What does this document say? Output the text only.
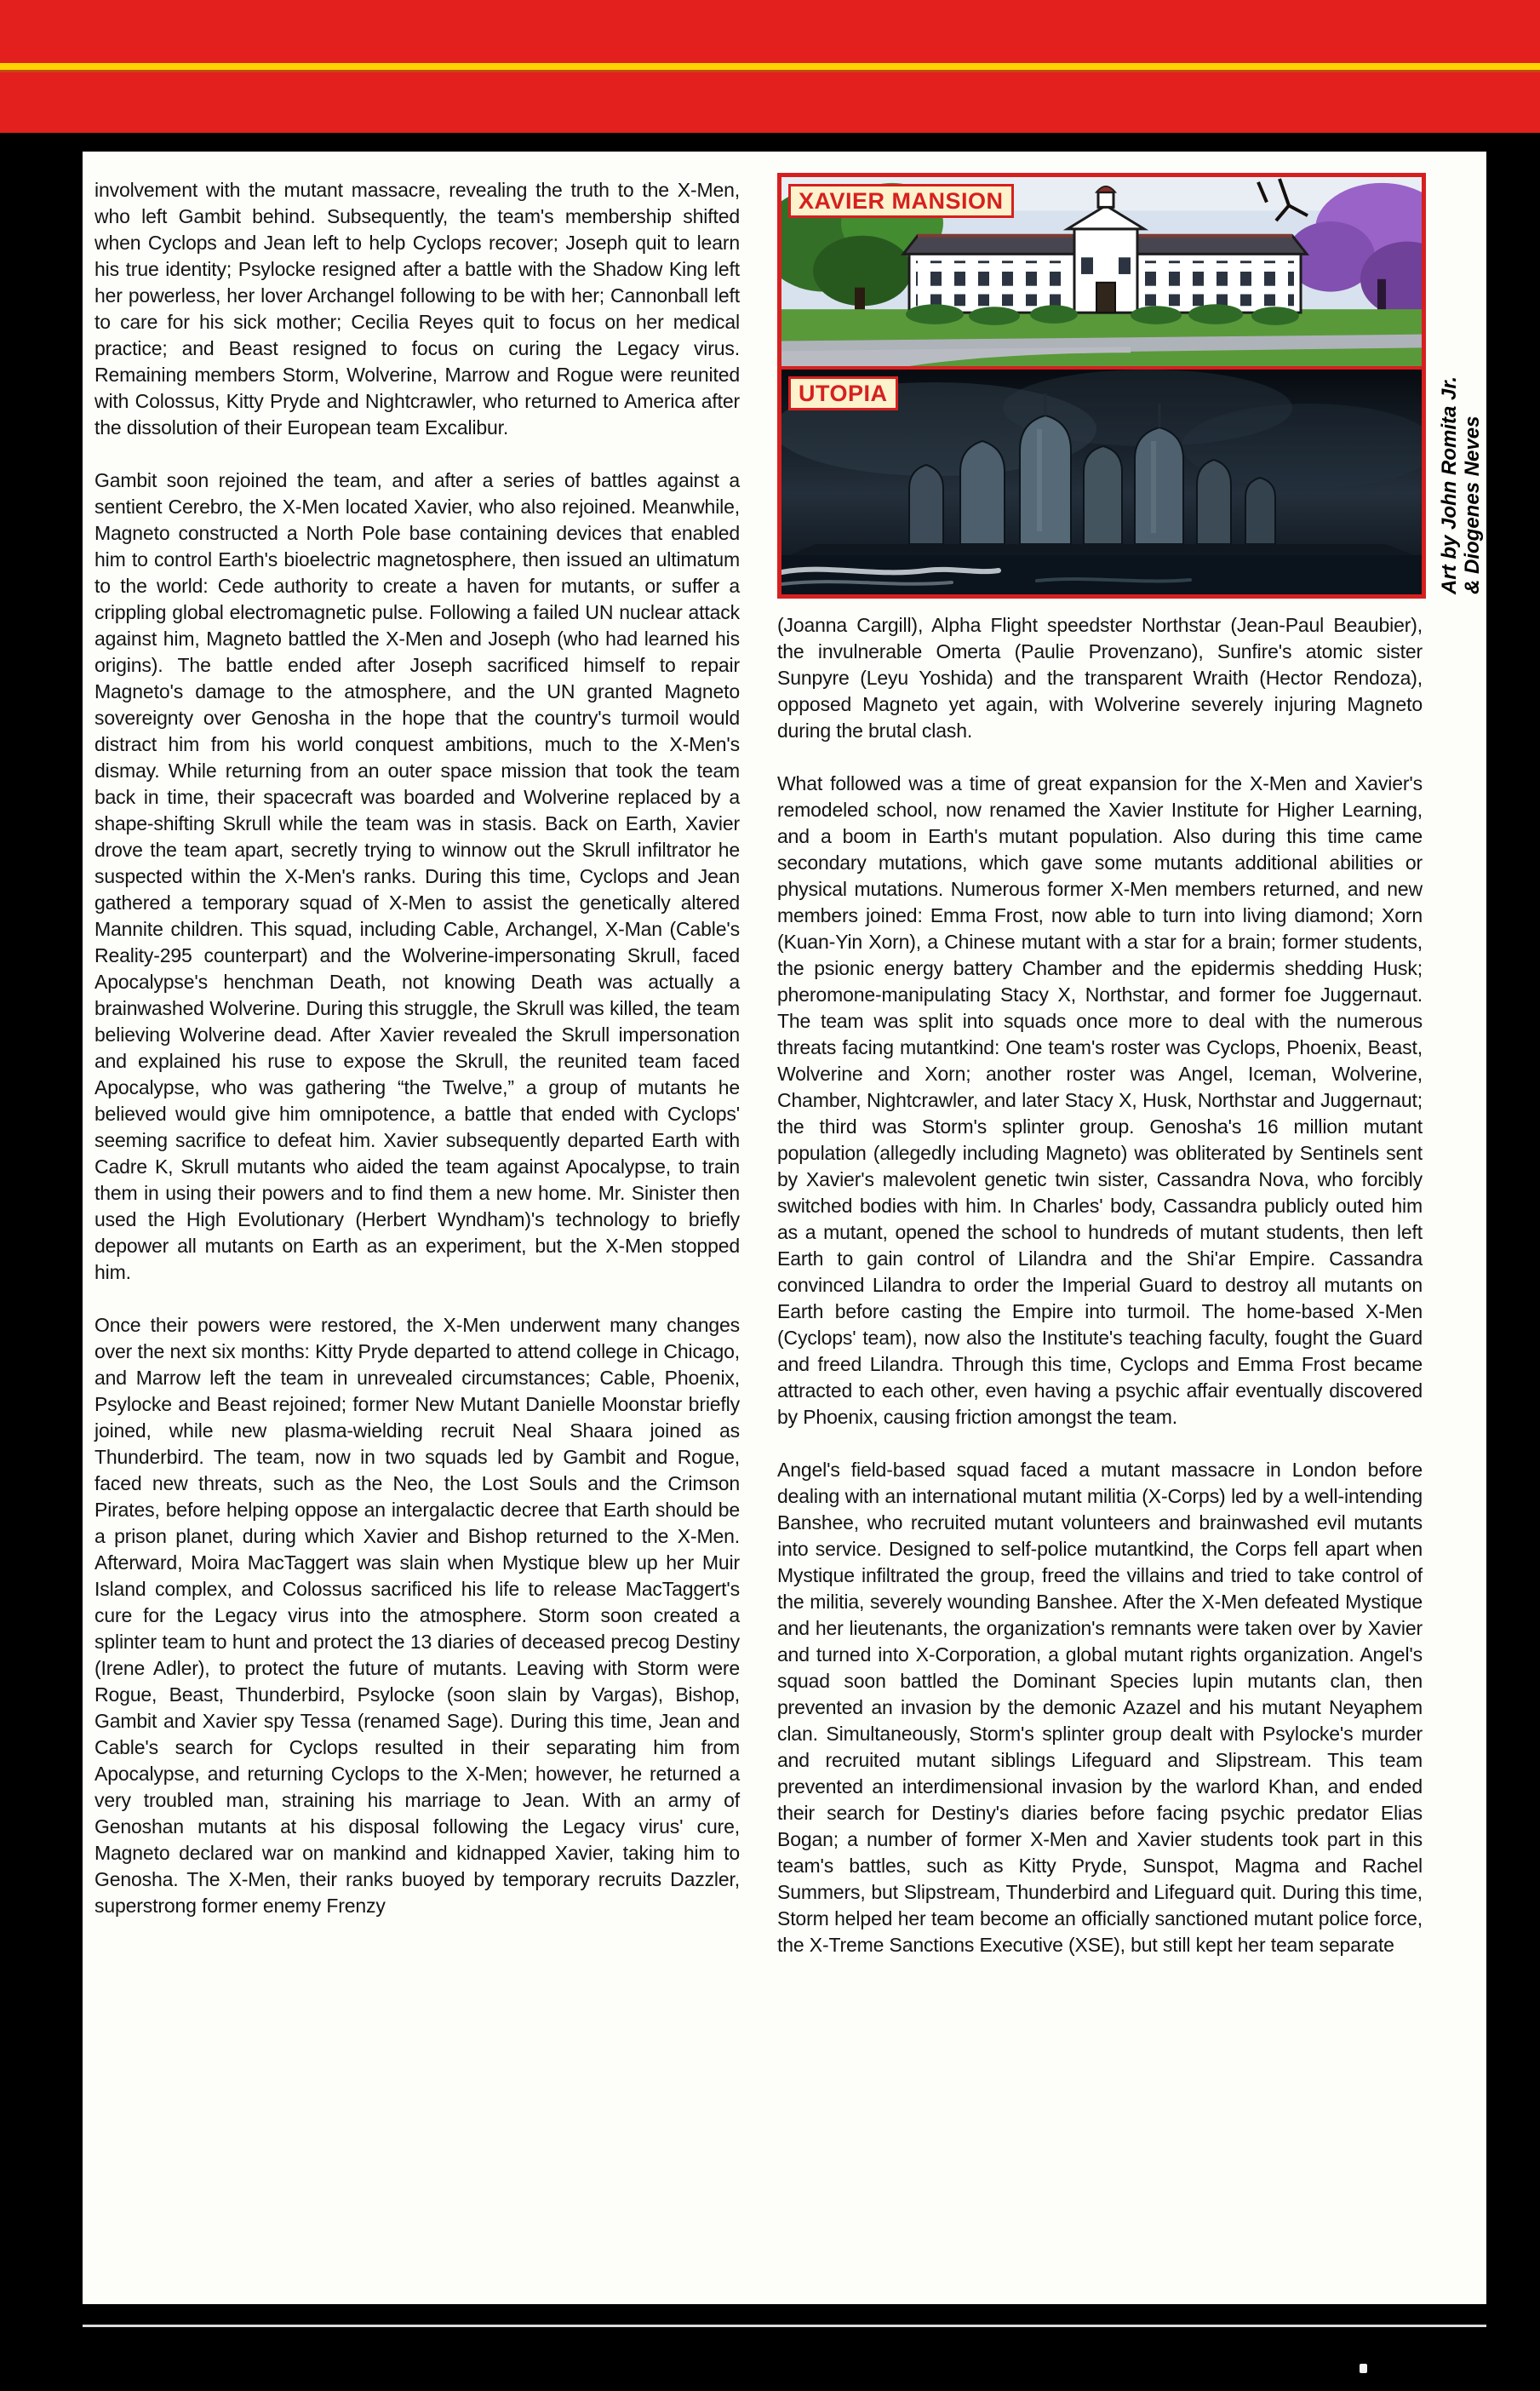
involvement with the mutant massacre, revealing the truth to the X-Men, who left Gambit behind. Subsequently, the team's membership shifted when Cyclops and Jean left to help Cyclops recover; Joseph quit to learn his true identity; Psylocke resigned after a battle with the Shadow King left her powerless, her lover Archangel following to be with her; Cannonball left to care for his sick mother; Cecilia Reyes quit to focus on her medical practice; and Beast resigned to focus on curing the Legacy virus. Remaining members Storm, Wolverine, Marrow and Rogue were reunited with Colossus, Kitty Pryde and Nightcrawler, who returned to America after the dissolution of their European team Excalibur.

Gambit soon rejoined the team, and after a series of battles against a sentient Cerebro, the X-Men located Xavier, who also rejoined. Meanwhile, Magneto constructed a North Pole base containing devices that enabled him to control Earth's bioelectric magnetosphere, then issued an ultimatum to the world: Cede authority to create a haven for mutants, or suffer a crippling global electromagnetic pulse. Following a failed UN nuclear attack against him, Magneto battled the X-Men and Joseph (who had learned his origins). The battle ended after Joseph sacrificed himself to repair Magneto's damage to the atmosphere, and the UN granted Magneto sovereignty over Genosha in the hope that the country's turmoil would distract him from his world conquest ambitions, much to the X-Men's dismay. While returning from an outer space mission that took the team back in time, their spacecraft was boarded and Wolverine replaced by a shape-shifting Skrull while the team was in stasis. Back on Earth, Xavier drove the team apart, secretly trying to winnow out the Skrull infiltrator he suspected within the X-Men's ranks. During this time, Cyclops and Jean gathered a temporary squad of X-Men to assist the genetically altered Mannite children. This squad, including Cable, Archangel, X-Man (Cable's Reality-295 counterpart) and the Wolverine-impersonating Skrull, faced Apocalypse's henchman Death, not knowing Death was actually a brainwashed Wolverine. During this struggle, the Skrull was killed, the team believing Wolverine dead. After Xavier revealed the Skrull impersonation and explained his ruse to expose the Skrull, the reunited team faced Apocalypse, who was gathering “the Twelve,” a group of mutants he believed would give him omnipotence, a battle that ended with Cyclops' seeming sacrifice to defeat him. Xavier subsequently departed Earth with Cadre K, Skrull mutants who aided the team against Apocalypse, to train them in using their powers and to find them a new home. Mr. Sinister then used the High Evolutionary (Herbert Wyndham)'s technology to briefly depower all mutants on Earth as an experiment, but the X-Men stopped him.

Once their powers were restored, the X-Men underwent many changes over the next six months: Kitty Pryde departed to attend college in Chicago, and Marrow left the team in unrevealed circumstances; Cable, Phoenix, Psylocke and Beast rejoined; former New Mutant Danielle Moonstar briefly joined, while new plasma-wielding recruit Neal Shaara joined as Thunderbird. The team, now in two squads led by Gambit and Rogue, faced new threats, such as the Neo, the Lost Souls and the Crimson Pirates, before helping oppose an intergalactic decree that Earth should be a prison planet, during which Xavier and Bishop returned to the X-Men. Afterward, Moira MacTaggert was slain when Mystique blew up her Muir Island complex, and Colossus sacrificed his life to release MacTaggert's cure for the Legacy virus into the atmosphere. Storm soon created a splinter team to hunt and protect the 13 diaries of deceased precog Destiny (Irene Adler), to protect the future of mutants. Leaving with Storm were Rogue, Beast, Thunderbird, Psylocke (soon slain by Vargas), Bishop, Gambit and Xavier spy Tessa (renamed Sage). During this time, Jean and Cable's search for Cyclops resulted in their separating him from Apocalypse, and returning Cyclops to the X-Men; however, he returned a very troubled man, straining his marriage to Jean. With an army of Genoshan mutants at his disposal following the Legacy virus' cure, Magneto declared war on mankind and kidnapped Xavier, taking him to Genosha. The X-Men, their ranks buoyed by temporary recruits Dazzler, superstrong former enemy Frenzy

XAVIER MANSION
UTOPIA

(Joanna Cargill), Alpha Flight speedster Northstar (Jean-Paul Beaubier), the invulnerable Omerta (Paulie Provenzano), Sunfire's atomic sister Sunpyre (Leyu Yoshida) and the transparent Wraith (Hector Rendoza), opposed Magneto yet again, with Wolverine severely injuring Magneto during the brutal clash.

What followed was a time of great expansion for the X-Men and Xavier's remodeled school, now renamed the Xavier Institute for Higher Learning, and a boom in Earth's mutant population. Also during this time came secondary mutations, which gave some mutants additional abilities or physical mutations. Numerous former X-Men members returned, and new members joined: Emma Frost, now able to turn into living diamond; Xorn (Kuan-Yin Xorn), a Chinese mutant with a star for a brain; former students, the psionic energy battery Chamber and the epidermis shedding Husk; pheromone-manipulating Stacy X, Northstar, and former foe Juggernaut. The team was split into squads once more to deal with the numerous threats facing mutantkind: One team's roster was Cyclops, Phoenix, Beast, Wolverine and Xorn; another roster was Angel, Iceman, Wolverine, Chamber, Nightcrawler, and later Stacy X, Husk, Northstar and Juggernaut; the third was Storm's splinter group. Genosha's 16 million mutant population (allegedly including Magneto) was obliterated by Sentinels sent by Xavier's malevolent genetic twin sister, Cassandra Nova, who forcibly switched bodies with him. In Charles' body, Cassandra publicly outed him as a mutant, opened the school to hundreds of mutant students, then left Earth to gain control of Lilandra and the Shi'ar Empire. Cassandra convinced Lilandra to order the Imperial Guard to destroy all mutants on Earth before casting the Empire into turmoil. The home-based X-Men (Cyclops' team), now also the Institute's teaching faculty, fought the Guard and freed Lilandra. Through this time, Cyclops and Emma Frost became attracted to each other, even having a psychic affair eventually discovered by Phoenix, causing friction amongst the team.

Angel's field-based squad faced a mutant massacre in London before dealing with an international mutant militia (X-Corps) led by a well-intending Banshee, who recruited mutant volunteers and brainwashed evil mutants into service. Designed to self-police mutantkind, the Corps fell apart when Mystique infiltrated the group, freed the villains and tried to take control of the militia, severely wounding Banshee. After the X-Men defeated Mystique and her lieutenants, the organization's remnants were taken over by Xavier and turned into X-Corporation, a global mutant rights organization. Angel's squad soon battled the Dominant Species lupin mutants clan, then prevented an invasion by the demonic Azazel and his mutant Neyaphem clan. Simultaneously, Storm's splinter group dealt with Psylocke's murder and recruited mutant siblings Lifeguard and Slipstream. This team prevented an interdimensional invasion by the warlord Khan, and ended their search for Destiny's diaries before facing psychic predator Elias Bogan; a number of former X-Men and Xavier students took part in this team's battles, such as Kitty Pryde, Sunspot, Magma and Rachel Summers, but Slipstream, Thunderbird and Lifeguard quit. During this time, Storm helped her team become an officially sanctioned mutant police force, the X-Treme Sanctions Executive (XSE), but still kept her team separate

Art by John Romita Jr. & Diogenes Neves
